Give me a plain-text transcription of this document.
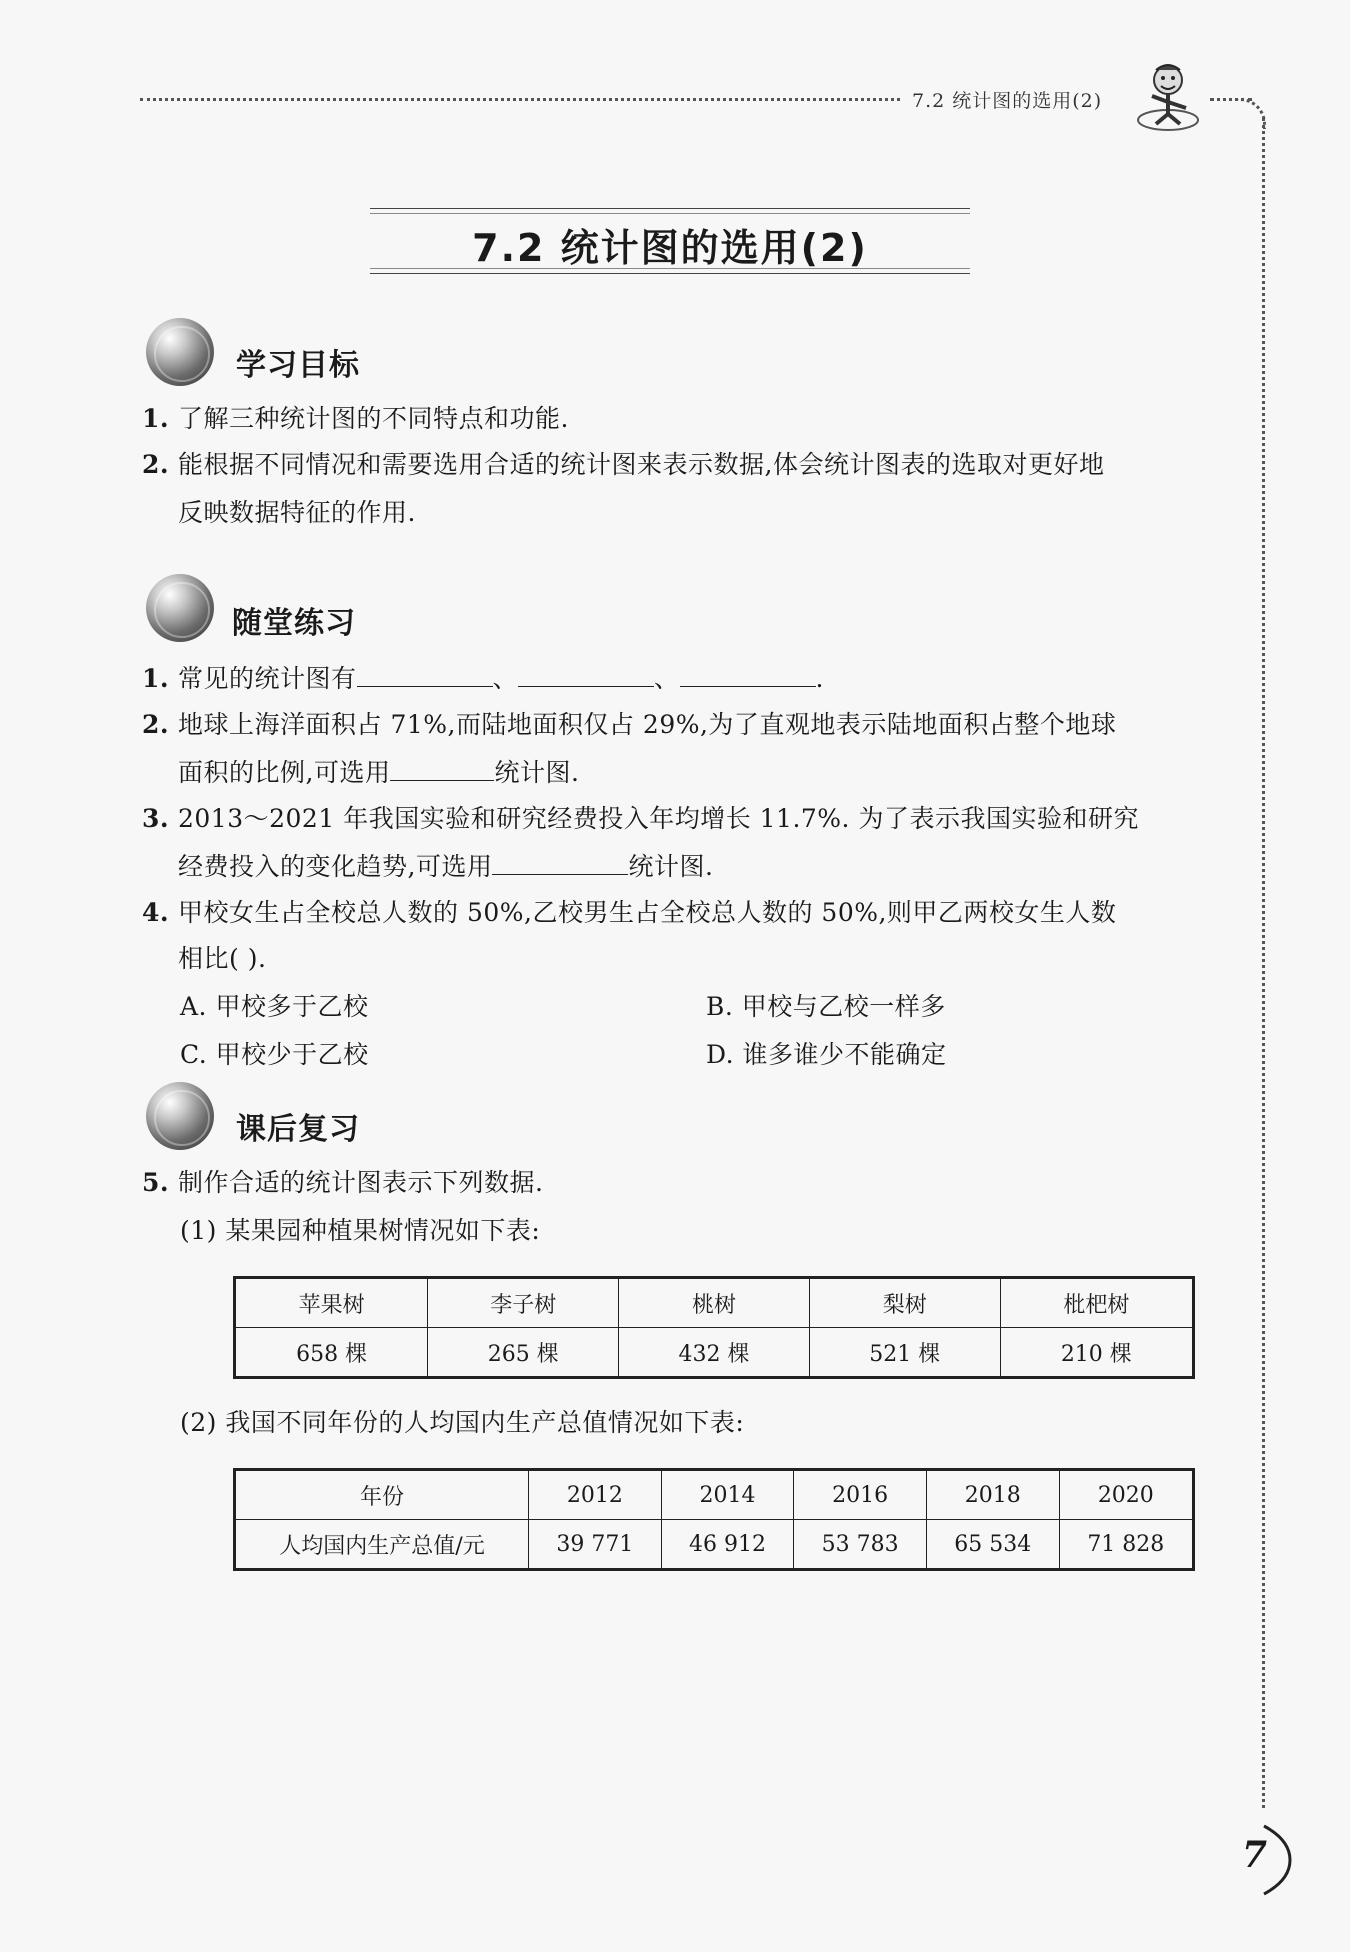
7.2 统计图的选用(2)
7.2 统计图的选用(2)
学习目标
1. 了解三种统计图的不同特点和功能.
2. 能根据不同情况和需要选用合适的统计图来表示数据,体会统计图表的选取对更好地
反映数据特征的作用.
随堂练习
1. 常见的统计图有	、	、	.
2. 地球上海洋面积占 71%,而陆地面积仅占 29%,为了直观地表示陆地面积占整个地球
面积的比例,可选用	统计图.
3. 2013～2021 年我国实验和研究经费投入年均增长 11.7%. 为了表示我国实验和研究
经费投入的变化趋势,可选用	统计图.
4. 甲校女生占全校总人数的 50%,乙校男生占全校总人数的 50%,则甲乙两校女生人数
相比( ).
A. 甲校多于乙校	B. 甲校与乙校一样多
C. 甲校少于乙校	D. 谁多谁少不能确定
课后复习
5. 制作合适的统计图表示下列数据.
(1) 某果园种植果树情况如下表:
苹果树	李子树	桃树	梨树	枇杷树
658 棵	265 棵	432 棵	521 棵	210 棵
(2) 我国不同年份的人均国内生产总值情况如下表:
年份	2012	2014	2016	2018	2020
人均国内生产总值/元	39 771	46 912	53 783	65 534	71 828
7
